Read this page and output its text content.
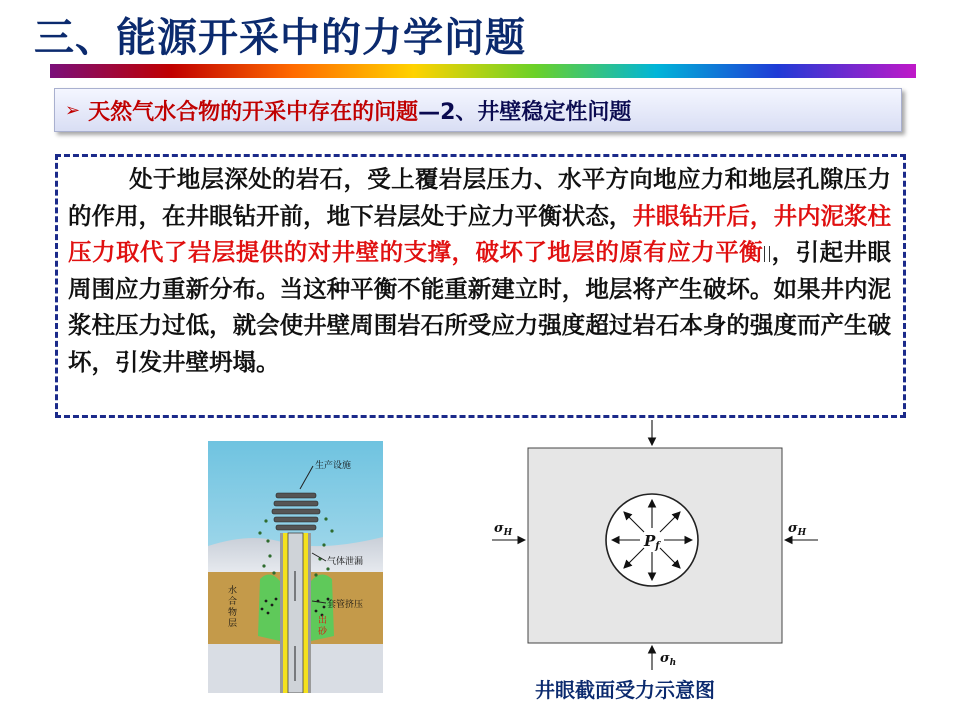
三、能源开采中的力学问题
➢ 天然气水合物的开采中存在的问题 —2、井壁稳定性问题

处于地层深处的岩石，受上覆岩层压力、水平方向地应力和地层孔隙压力的作用，在井眼钻开前，地下岩层处于应力平衡状态，井眼钻开后，井内泥浆柱压力取代了岩层提供的对井壁的支撑，破坏了地层的原有应力平衡 ，引起井眼周围应力重新分布。当这种平衡不能重新建立时，地层将产生破坏。如果井内泥浆柱压力过低，就会使井壁周围岩石所受应力强度超过岩石本身的强度而产生破坏，引发井壁坍塌。

生产设施
气体泄漏
套管挤压
水
合
物
层	出
砂
$\sigma_H$	$\sigma_H$
$\sigma_h$
$P_f$
井眼截面受力示意图
